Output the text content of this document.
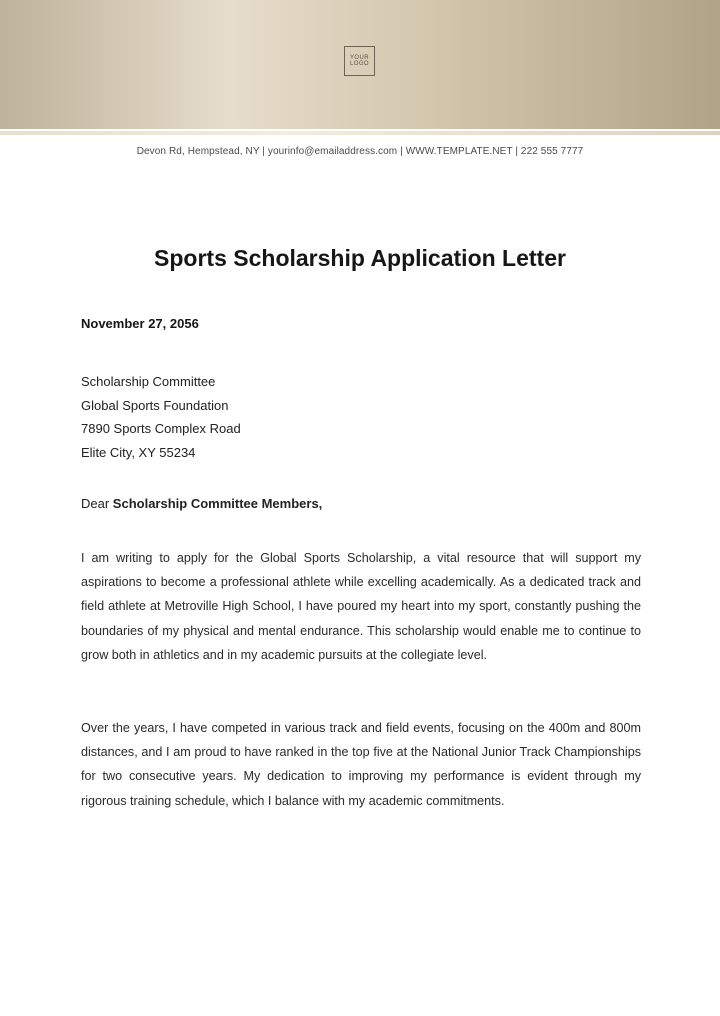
YOUR
LOGO
Devon Rd, Hempstead, NY | yourinfo@emailaddress.com | WWW.TEMPLATE.NET | 222 555 7777
Sports Scholarship Application Letter
November 27, 2056
Scholarship Committee
Global Sports Foundation
7890 Sports Complex Road
Elite City, XY 55234
Dear Scholarship Committee Members,

I am writing to apply for the Global Sports Scholarship, a vital resource that will support my aspirations to become a professional athlete while excelling academically. As a dedicated track and field athlete at Metroville High School, I have poured my heart into my sport, constantly pushing the boundaries of my physical and mental endurance. This scholarship would enable me to continue to grow both in athletics and in my academic pursuits at the collegiate level.

Over the years, I have competed in various track and field events, focusing on the 400m and 800m distances, and I am proud to have ranked in the top five at the National Junior Track Championships for two consecutive years. My dedication to improving my performance is evident through my rigorous training schedule, which I balance with my academic commitments.
